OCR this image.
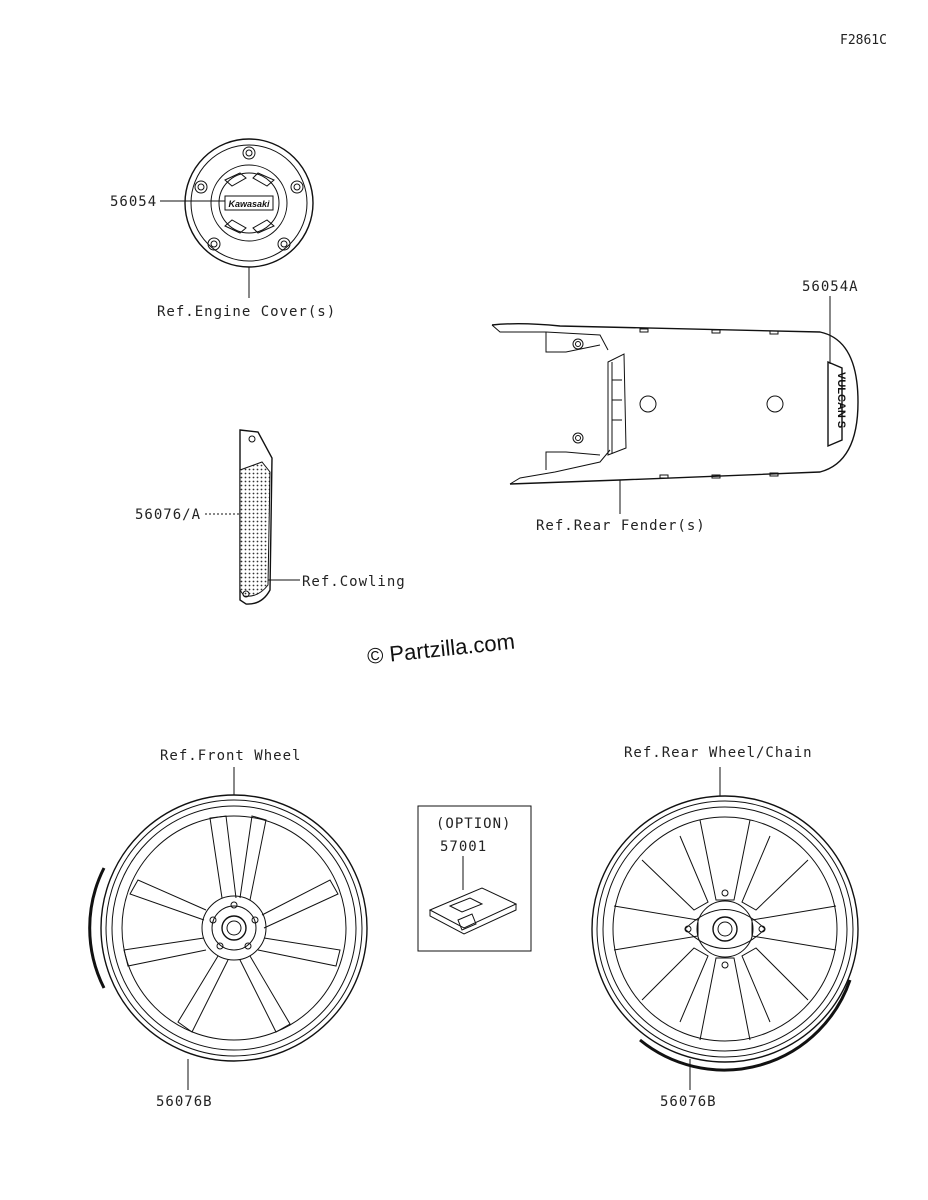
F2861C
Kawasaki
56054
Ref.Engine Cover(s)
56076/A
Ref.Cowling
VULCAN S
56054A
Ref.Rear Fender(s)
© Partzilla.com
Ref.Front Wheel
56076B
(OPTION)
57001
Ref.Rear Wheel/Chain
56076B
